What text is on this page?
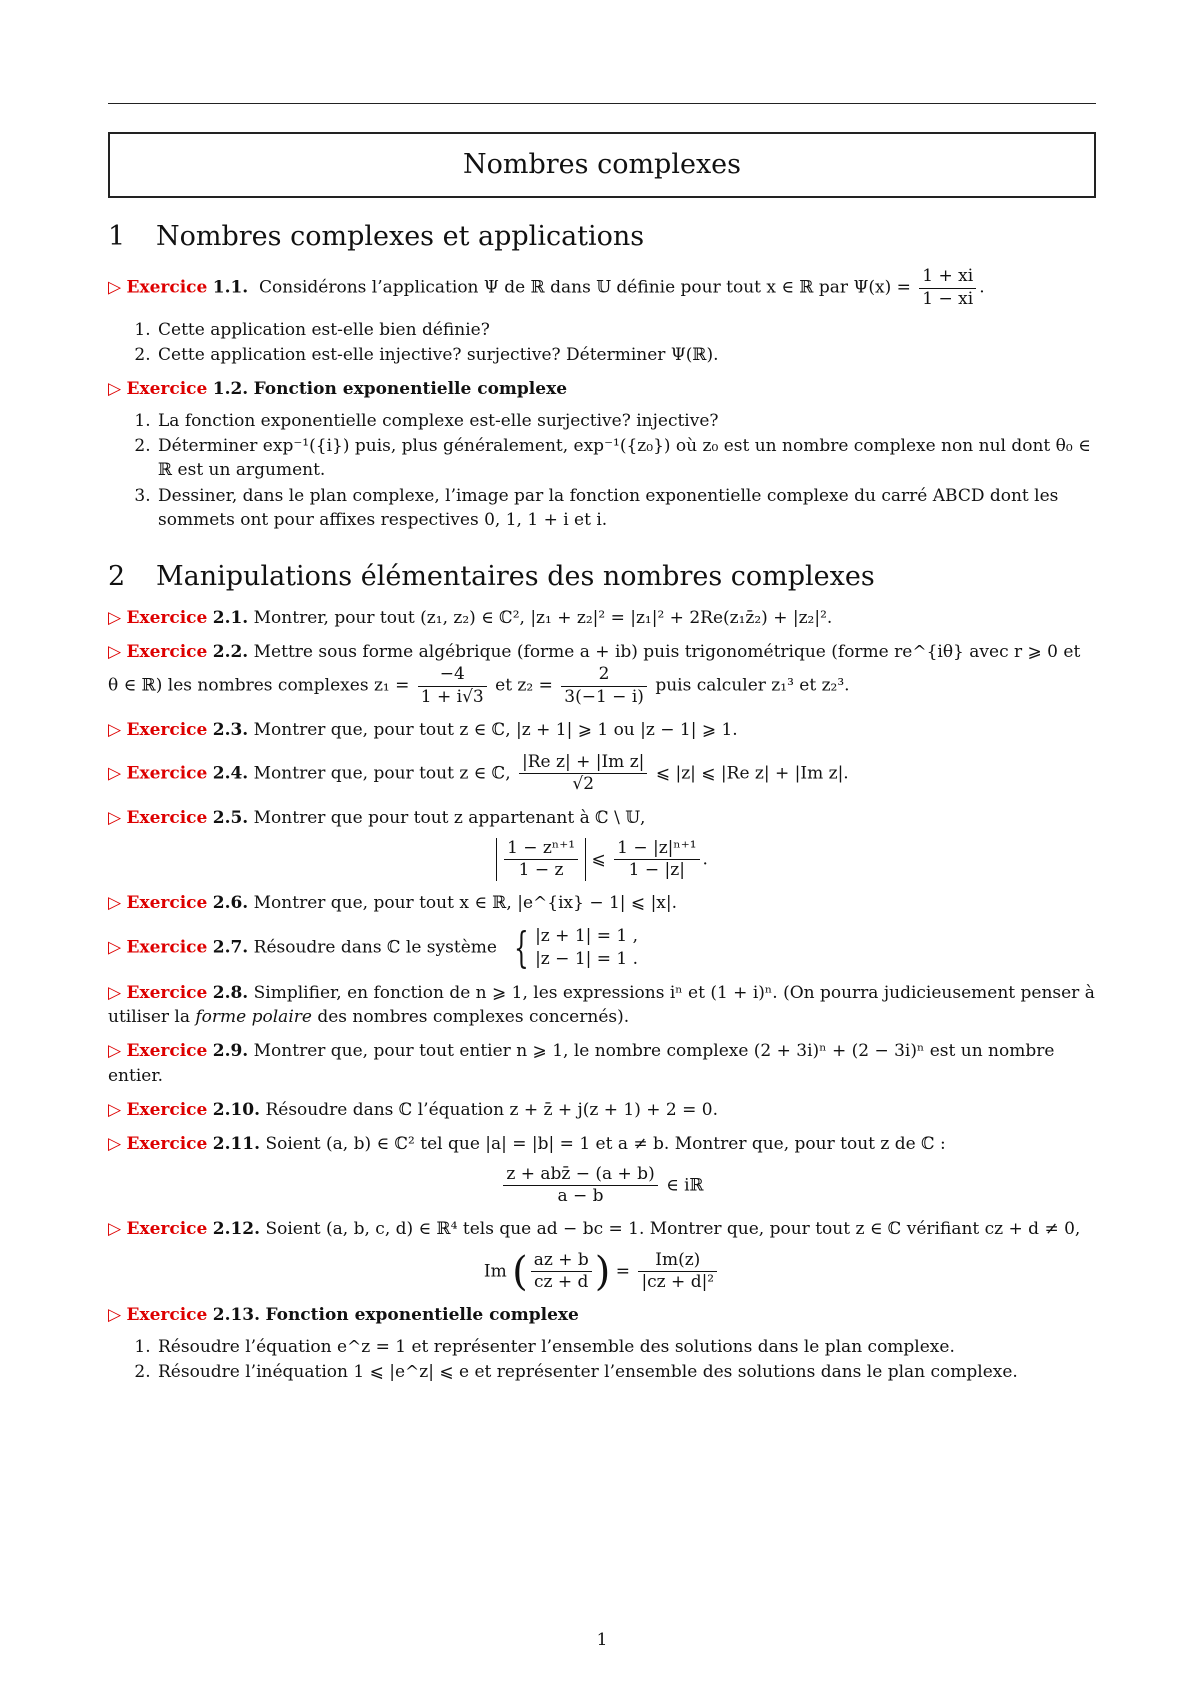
Nombres complexes
1 Nombres complexes et applications
▷ Exercice 1.1. Considérons l’application Ψ de ℝ dans 𝕌 définie pour tout x ∈ ℝ par $\Psi(x) = \frac{1 + xi}{1 - xi}$ .
1. Cette application est-elle bien définie?
2. Cette application est-elle injective? surjective? Déterminer Ψ(ℝ).
▷ Exercice 1.2. Fonction exponentielle complexe
1. La fonction exponentielle complexe est-elle surjective? injective?
2. Déterminer exp⁻¹({i}) puis, plus généralement, exp⁻¹({z₀}) où z₀ est un nombre complexe non nul dont θ₀ ∈ ℝ est un argument.
3. Dessiner, dans le plan complexe, l’image par la fonction exponentielle complexe du carré ABCD dont les sommets ont pour affixes respectives 0, 1, 1 + i et i.
2 Manipulations élémentaires des nombres complexes
▷ Exercice 2.1. Montrer, pour tout (z₁, z₂) ∈ ℂ², |z₁ + z₂|² = |z₁|² + 2Re(z₁z̄₂) + |z₂|².
▷ Exercice 2.2. Mettre sous forme algébrique (forme a + ib) puis trigonométrique (forme re^{iθ} avec r ⩾ 0 et
θ ∈ ℝ) les nombres complexes $z_1 = \frac{-4}{1 + i√3}$ et $z_2 = \frac{2}{3(-1 - i)}$ puis calculer z₁³ et z₂³.
▷ Exercice 2.3. Montrer que, pour tout z ∈ ℂ, |z + 1| ⩾ 1 ou |z − 1| ⩾ 1.
▷ Exercice 2.4. Montrer que, pour tout z ∈ ℂ, $\frac{\text{|Re z| + |Im z|}}{√2}$ ⩽ |z| ⩽ |Re z| + |Im z|.
▷ Exercice 2.5. Montrer que pour tout z appartenant à ℂ \ 𝕌,
$\frac{\text{1 − zⁿ⁺¹}}{1 - z}$ ⩽ $\frac{\text{1 − |z|ⁿ⁺¹}}{1 - |z|}$ .
▷ Exercice 2.6. Montrer que, pour tout x ∈ ℝ, |e^{ix} − 1| ⩽ |x|.
▷ Exercice 2.7. Résoudre dans ℂ le système { |z + 1| = 1 ,
|z − 1| = 1 .
▷ Exercice 2.8. Simplifier, en fonction de n ⩾ 1, les expressions iⁿ et (1 + i)ⁿ. (On pourra judicieusement penser à utiliser la forme polaire des nombres complexes concernés).
▷ Exercice 2.9. Montrer que, pour tout entier n ⩾ 1, le nombre complexe (2 + 3i)ⁿ + (2 − 3i)ⁿ est un nombre entier.
▷ Exercice 2.10. Résoudre dans ℂ l’équation z + z̄ + j(z + 1) + 2 = 0.
▷ Exercice 2.11. Soient (a, b) ∈ ℂ² tel que |a| = |b| = 1 et a ≠ b. Montrer que, pour tout z de ℂ :
$\frac{\text{z + abz̄ − (a + b)}}{a - b}$ ∈ iℝ
▷ Exercice 2.12. Soient (a, b, c, d) ∈ ℝ⁴ tels que ad − bc = 1. Montrer que, pour tout z ∈ ℂ vérifiant cz + d ≠ 0,
Im ( $\frac{az + b}{cz + d}$ ) = $\frac{Im(z)}{\text{|cz + d|²}}$
▷ Exercice 2.13. Fonction exponentielle complexe
1. Résoudre l’équation e^z = 1 et représenter l’ensemble des solutions dans le plan complexe.
2. Résoudre l’inéquation 1 ⩽ |e^z| ⩽ e et représenter l’ensemble des solutions dans le plan complexe.
1
